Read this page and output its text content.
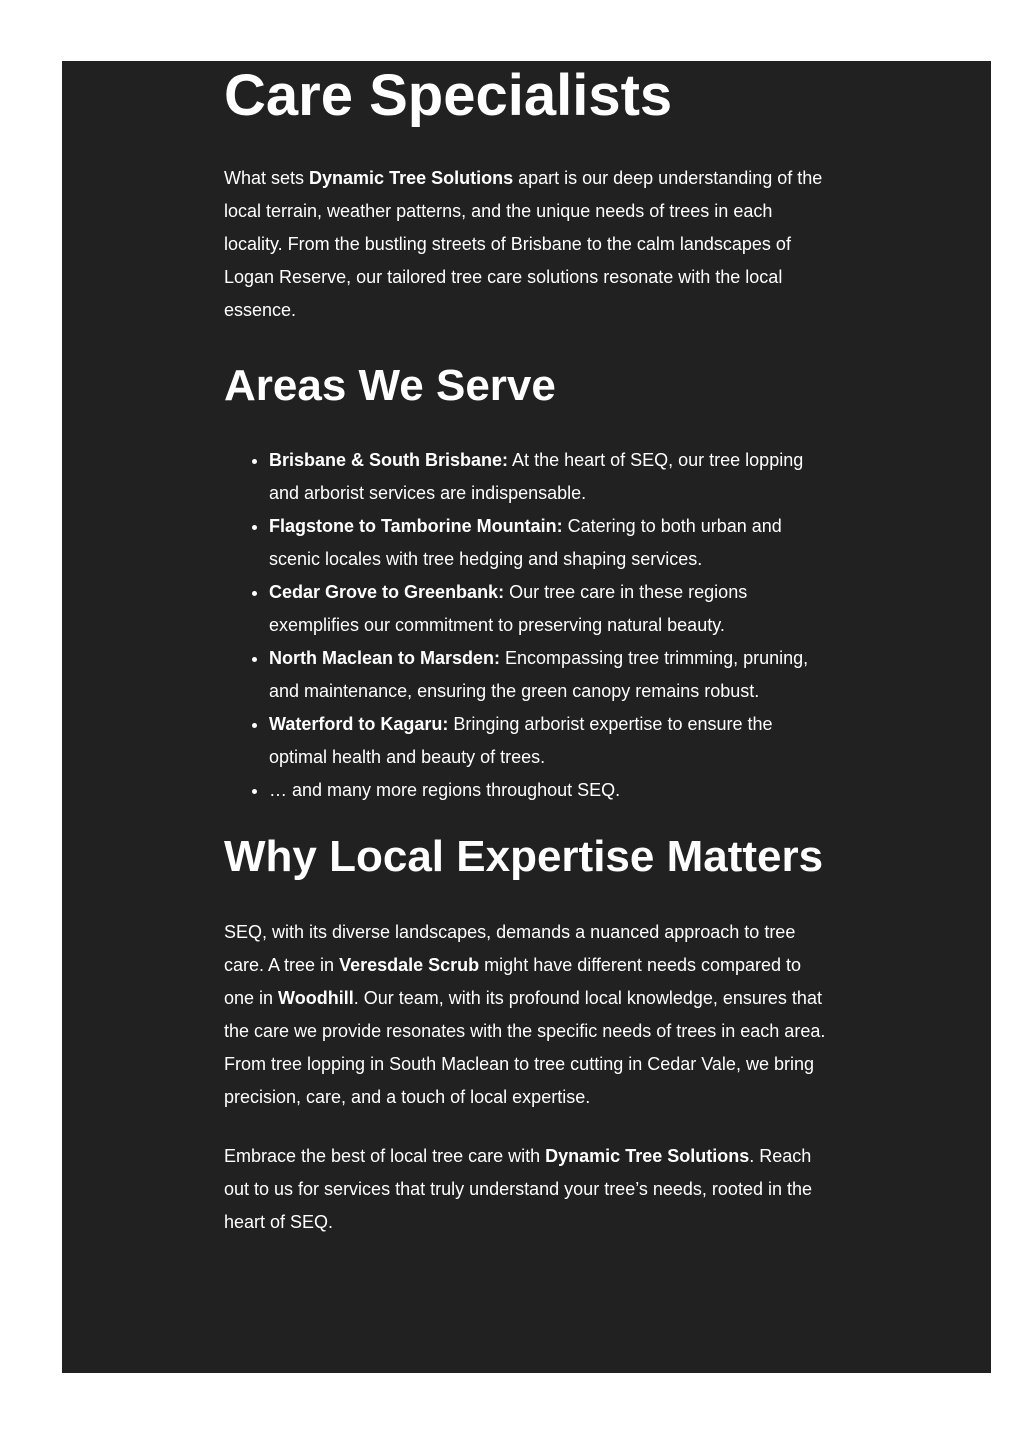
Care Specialists

What sets Dynamic Tree Solutions apart is our deep understanding of the local terrain, weather patterns, and the unique needs of trees in each locality. From the bustling streets of Brisbane to the calm landscapes of Logan Reserve, our tailored tree care solutions resonate with the local essence.

Areas We Serve
• Brisbane & South Brisbane: At the heart of SEQ, our tree lopping and arborist services are indispensable.
• Flagstone to Tamborine Mountain: Catering to both urban and scenic locales with tree hedging and shaping services.
• Cedar Grove to Greenbank: Our tree care in these regions exemplifies our commitment to preserving natural beauty.
• North Maclean to Marsden: Encompassing tree trimming, pruning, and maintenance, ensuring the green canopy remains robust.
• Waterford to Kagaru: Bringing arborist expertise to ensure the optimal health and beauty of trees.
• … and many more regions throughout SEQ.
Why Local Expertise Matters

SEQ, with its diverse landscapes, demands a nuanced approach to tree care. A tree in Veresdale Scrub might have different needs compared to one in Woodhill. Our team, with its profound local knowledge, ensures that the care we provide resonates with the specific needs of trees in each area. From tree lopping in South Maclean to tree cutting in Cedar Vale, we bring precision, care, and a touch of local expertise.

Embrace the best of local tree care with Dynamic Tree Solutions. Reach out to us for services that truly understand your tree’s needs, rooted in the heart of SEQ.
